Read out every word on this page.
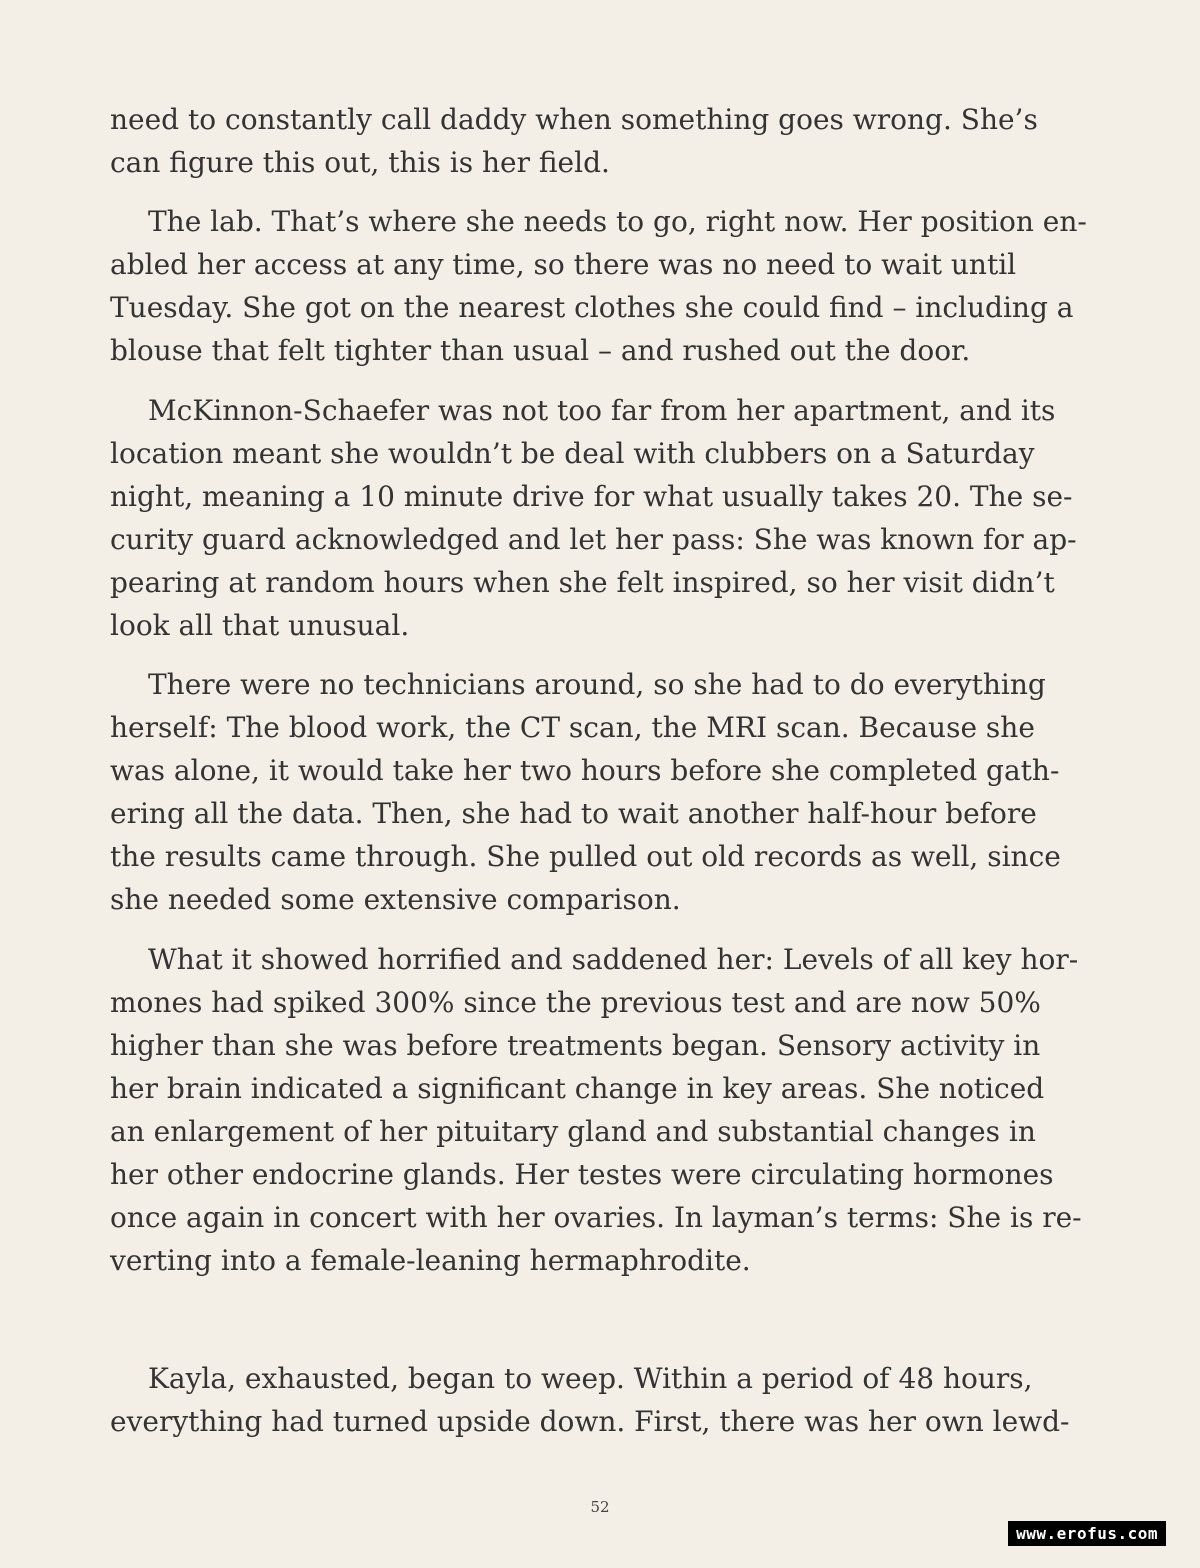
need to constantly call daddy when something goes wrong. She’s
can figure this out, this is her field.
The lab. That’s where she needs to go, right now. Her position en-
abled her access at any time, so there was no need to wait until
Tuesday. She got on the nearest clothes she could find – including a
blouse that felt tighter than usual – and rushed out the door.
McKinnon-Schaefer was not too far from her apartment, and its
location meant she wouldn’t be deal with clubbers on a Saturday
night, meaning a 10 minute drive for what usually takes 20. The se-
curity guard acknowledged and let her pass: She was known for ap-
pearing at random hours when she felt inspired, so her visit didn’t
look all that unusual.
There were no technicians around, so she had to do everything
herself: The blood work, the CT scan, the MRI scan. Because she
was alone, it would take her two hours before she completed gath-
ering all the data. Then, she had to wait another half-hour before
the results came through. She pulled out old records as well, since
she needed some extensive comparison.
What it showed horrified and saddened her: Levels of all key hor-
mones had spiked 300% since the previous test and are now 50%
higher than she was before treatments began. Sensory activity in
her brain indicated a significant change in key areas. She noticed
an enlargement of her pituitary gland and substantial changes in
her other endocrine glands. Her testes were circulating hormones
once again in concert with her ovaries. In layman’s terms: She is re-
verting into a female-leaning hermaphrodite.
Kayla, exhausted, began to weep. Within a period of 48 hours,
everything had turned upside down. First, there was her own lewd-
52
www.erofus.com
